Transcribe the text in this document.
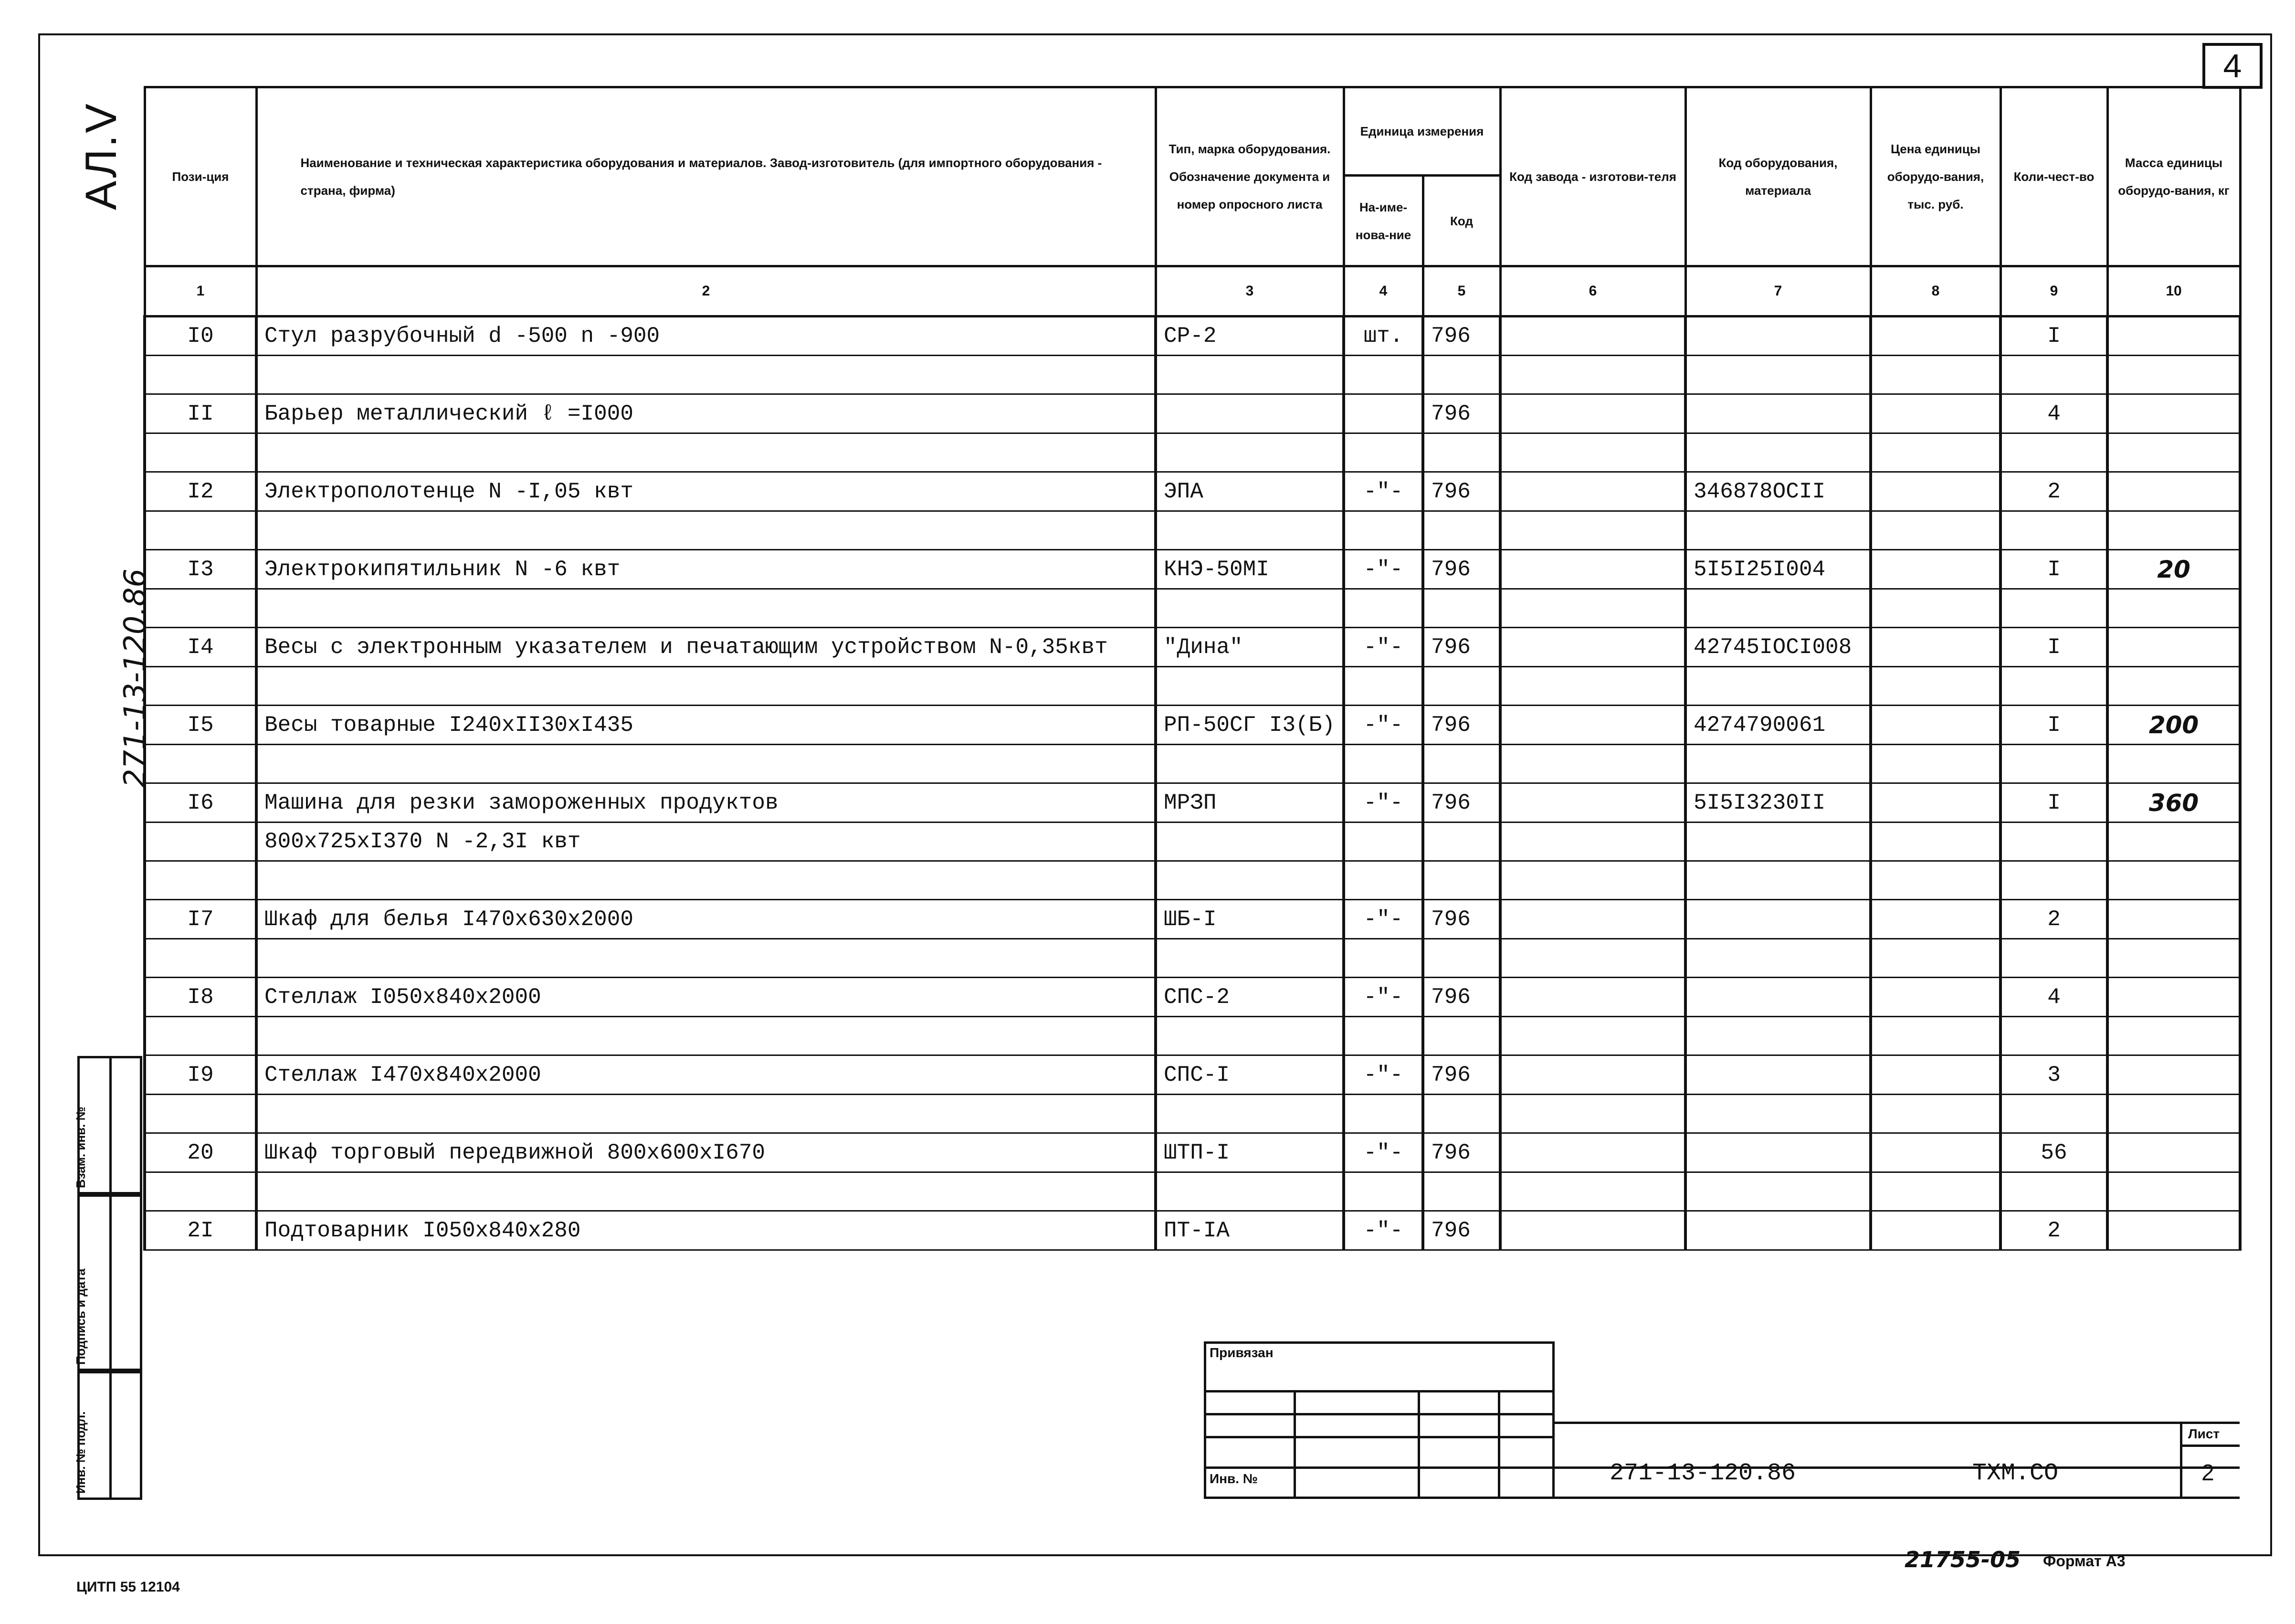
4
АЛ.V
271-13-120.86
Взам. инв. №
Подпись и дата
Инв. № подл.
Пози-ция	Наименование и техническая характеристика оборудования и материалов. Завод-изготовитель (для импортного оборудования - страна, фирма)	Тип, марка оборудования. Обозначение документа и номер опросного листа	Единица измерения		Код завода - изготови-теля	Код оборудования, материала	Цена единицы оборудо-вания, тыс. руб.	Коли-чест-во	Масса единицы оборудо-вания, кг
			На-име-нова-ние	Код					
1	2	3	4	5	6	7	8	9	10
I0	Стул разрубочный d -500 n -900	СР-2	шт.	796				I	

II	Барьер металлический ℓ =I000			796				4	

I2	Электрополотенце N -I,05 квт	ЭПА	-"-	796		346878OCII		2	

I3	Электрокипятильник N -6 квт	КНЭ-50МI	-"-	796		5I5I25I004		I	20

I4	Весы с электронным указателем и печатающим устройством N-0,35квт	"Дина"	-"-	796		42745IOCI008		I	

I5	Весы товарные I240xII30xI435	РП-50СГ I3(Б)	-"-	796		4274790061		I	200

I6	Машина для резки замороженных продуктов	МРЗП	-"-	796		5I5I3230II		I	360
	800x725xI370 N -2,3I квт								

I7	Шкаф для белья I470x630x2000	ШБ-I	-"-	796				2	

I8	Стеллаж I050x840x2000	СПС-2	-"-	796				4	

I9	Стеллаж I470x840x2000	СПС-I	-"-	796				3	

20	Шкаф торговый передвижной 800x600xI670	ШТП-I	-"-	796				56	

2I	Подтоварник I050x840x280	ПТ-IA	-"-	796				2	
Привязан
Инв. №	271-13-120.86	ТХМ.СО
Лист
2
ЦИТП 55 12104
21755-05 Формат А3
